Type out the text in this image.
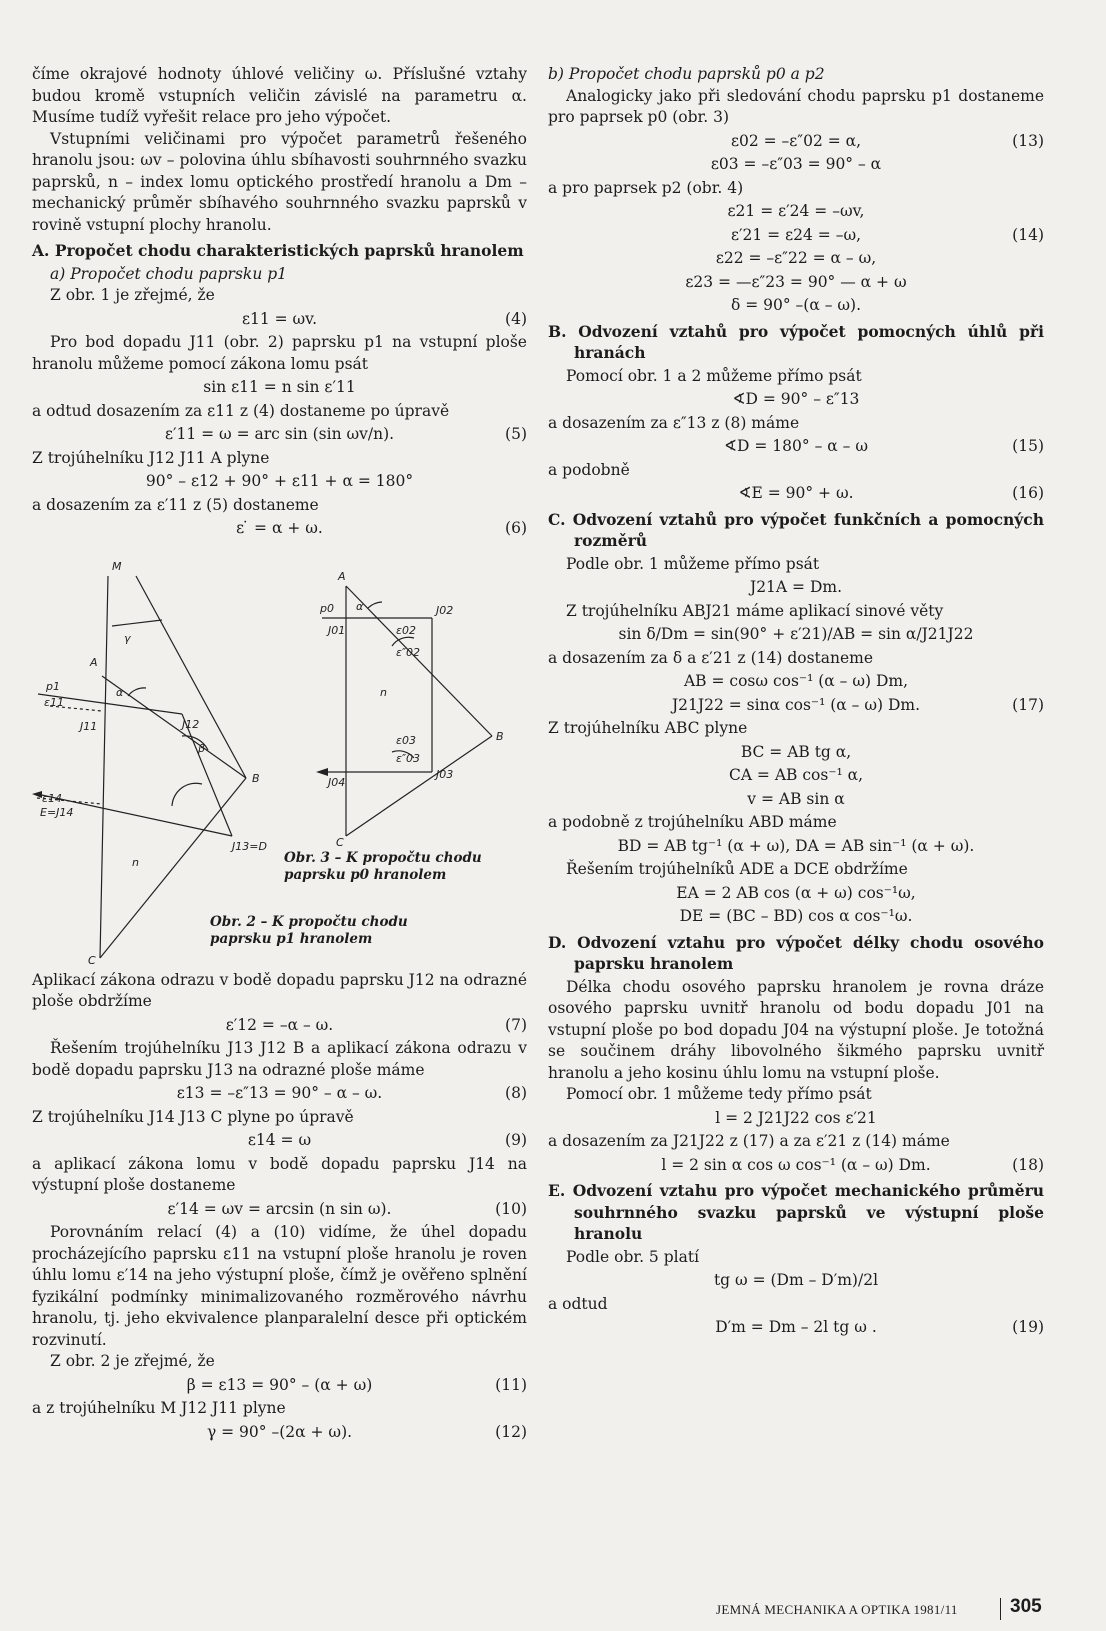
číme okrajové hodnoty úhlové veličiny ω. Příslušné vztahy budou kromě vstupních veličin závislé na parametru α. Musíme tudíž vyřešit relace pro jeho výpočet.

Vstupními veličinami pro výpočet parametrů řešeného hranolu jsou: ωv – polovina úhlu sbíhavosti souhrnného svazku paprsků, n – index lomu optického prostředí hranolu a Dm – mechanický průměr sbíhavého souhrnného svazku paprsků v rovině vstupní plochy hranolu.

A. Propočet chodu charakteristických paprsků hranolem

a) Propočet chodu paprsku p1

Z obr. 1 je zřejmé, že

ε11 = ωv.	(4)

Pro bod dopadu J11 (obr. 2) paprsku p1 na vstupní ploše hranolu můžeme pomocí zákona lomu psát

sin ε11 = n sin ε′11

a odtud dosazením za ε11 z (4) dostaneme po úpravě

ε′11 = ω = arc sin (sin ωv/n).	(5)

Z trojúhelníku J12 J11 A plyne

90° – ε12 + 90° + ε11 + α = 180°

a dosazením za ε′11 z (5) dostaneme

ε ̇ = α + ω.	(6)
M
A
B
C
n
p1
J11	J12
J13=D
E=J14
ε11
ε14
α
γ
β
A
B
C
n
p0
J01
J02
J03
J04
α
ε02
ε″02
ε03
ε″03
Obr. 3 – K propočtu chodu paprsku p0 hranolem
Obr. 2 – K propočtu chodu paprsku p1 hranolem

Aplikací zákona odrazu v bodě dopadu paprsku J12 na odrazné ploše obdržíme

ε′12 = –α – ω.	(7)

Řešením trojúhelníku J13 J12 B a aplikací zákona odrazu v bodě dopadu paprsku J13 na odrazné ploše máme

ε13 = –ε″13 = 90° – α – ω.	(8)

Z trojúhelníku J14 J13 C plyne po úpravě

ε14 = ω	(9)

a aplikací zákona lomu v bodě dopadu paprsku J14 na výstupní ploše dostaneme

ε′14 = ωv = arcsin (n sin ω).	(10)

Porovnáním relací (4) a (10) vidíme, že úhel dopadu procházejícího paprsku ε11 na vstupní ploše hranolu je roven úhlu lomu ε′14 na jeho výstupní ploše, čímž je ověřeno splnění fyzikální podmínky minimalizovaného rozměrového návrhu hranolu, tj. jeho ekvivalence planparalelní desce při optickém rozvinutí.

Z obr. 2 je zřejmé, že

β = ε13 = 90° – (α + ω)	(11)

a z trojúhelníku M J12 J11 plyne

γ = 90° –(2α + ω).	(12)

b) Propočet chodu paprsků p0 a p2

Analogicky jako při sledování chodu paprsku p1 dostaneme pro paprsek p0 (obr. 3)

ε02 = –ε″02 = α,	(13)
ε03 = –ε″03 = 90° – α

a pro paprsek p2 (obr. 4)

ε21 = ε′24 = –ωv,
ε′21 = ε24 = –ω,	(14)
ε22 = –ε″22 = α – ω,
ε23 = —ε″23 = 90° — α + ω
δ = 90° –(α – ω).

B. Odvození vztahů pro výpočet pomocných úhlů při hranách

Pomocí obr. 1 a 2 můžeme přímo psát

∢D = 90° – ε″13

a dosazením za ε″13 z (8) máme

∢D = 180° – α – ω	(15)

a podobně

∢E = 90° + ω.	(16)

C. Odvození vztahů pro výpočet funkčních a pomocných rozměrů

Podle obr. 1 můžeme přímo psát

J21A = Dm.

Z trojúhelníku ABJ21 máme aplikací sinové věty

sin δ/Dm = sin(90° + ε′21)/AB = sin α/J21J22

a dosazením za δ a ε′21 z (14) dostaneme

AB = cosω cos⁻¹ (α – ω) Dm,
J21J22 = sinα cos⁻¹ (α – ω) Dm.	(17)

Z trojúhelníku ABC plyne

BC = AB tg α,
CA = AB cos⁻¹ α,
v = AB sin α

a podobně z trojúhelníku ABD máme

BD = AB tg⁻¹ (α + ω), DA = AB sin⁻¹ (α + ω).

Řešením trojúhelníků ADE a DCE obdržíme

EA = 2 AB cos (α + ω) cos⁻¹ω,
DE = (BC – BD) cos α cos⁻¹ω.

D. Odvození vztahu pro výpočet délky chodu osového paprsku hranolem

Délka chodu osového paprsku hranolem je rovna dráze osového paprsku uvnitř hranolu od bodu dopadu J01 na vstupní ploše po bod dopadu J04 na výstupní ploše. Je totožná se součinem dráhy libovolného šikmého paprsku uvnitř hranolu a jeho kosinu úhlu lomu na vstupní ploše.

Pomocí obr. 1 můžeme tedy přímo psát

l = 2 J21J22 cos ε′21

a dosazením za J21J22 z (17) a za ε′21 z (14) máme

l = 2 sin α cos ω cos⁻¹ (α – ω) Dm.	(18)

E. Odvození vztahu pro výpočet mechanického průměru souhrnného svazku paprsků ve výstupní ploše hranolu

Podle obr. 5 platí

tg ω = (Dm – D′m)/2l

a odtud

D′m = Dm – 2l tg ω .	(19)
JEMNÁ MECHANIKA A OPTIKA 1981/11	305
